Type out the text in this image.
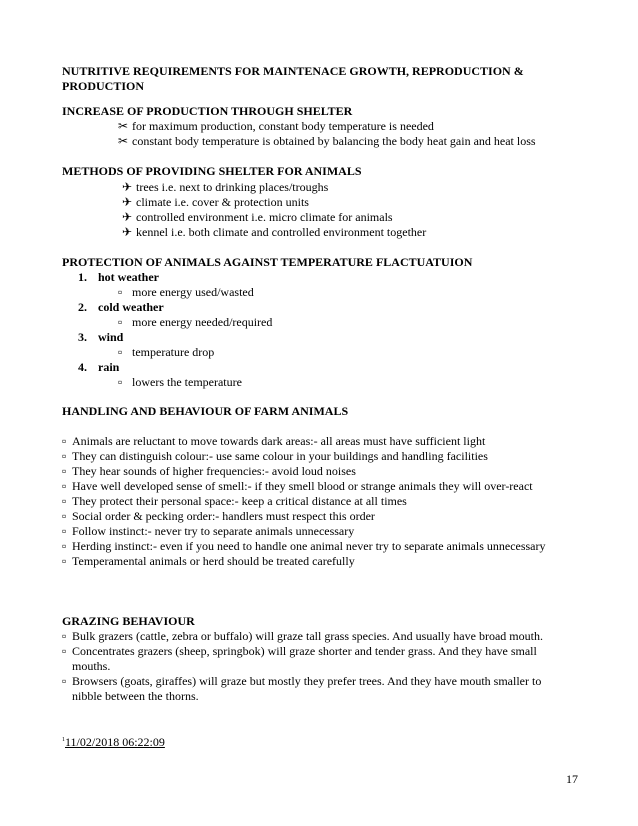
NUTRITIVE REQUIREMENTS FOR MAINTENACE GROWTH, REPRODUCTION & PRODUCTION
INCREASE OF PRODUCTION THROUGH SHELTER
✂ for maximum production, constant body temperature is needed
✂ constant body temperature is obtained by balancing the body heat gain and heat loss
METHODS OF PROVIDING SHELTER FOR ANIMALS
✈ trees i.e. next to drinking places/troughs
✈ climate i.e. cover & protection units
✈ controlled environment i.e. micro climate for animals
✈ kennel i.e. both climate and controlled environment together
PROTECTION OF ANIMALS AGAINST TEMPERATURE FLACTUATUION
1. hot weather
▫ more energy used/wasted
2. cold weather
▫ more energy needed/required
3. wind
▫ temperature drop
4. rain
▫ lowers the temperature
HANDLING AND BEHAVIOUR OF FARM ANIMALS
▫ Animals are reluctant to move towards dark areas:- all areas must have sufficient light
▫ They can distinguish colour:- use same colour in your buildings and handling facilities
▫ They hear sounds of higher frequencies:- avoid loud noises
▫ Have well developed sense of smell:- if they smell blood or strange animals they will over-react
▫ They protect their personal space:- keep a critical distance at all times
▫ Social order & pecking order:- handlers must respect this order
▫ Follow instinct:- never try to separate animals unnecessary
▫ Herding instinct:- even if you need to handle one animal never try to separate animals unnecessary
▫ Temperamental animals or herd should be treated carefully
GRAZING BEHAVIOUR
▫ Bulk grazers (cattle, zebra or buffalo) will graze tall grass species. And usually have broad mouth.
▫ Concentrates grazers (sheep, springbok) will graze shorter and tender grass. And they have small
mouths.
▫ Browsers (goats, giraffes) will graze but mostly they prefer trees. And they have mouth smaller to
nibble between the thorns.
$^1$11/02/2018 06:22:09
17
